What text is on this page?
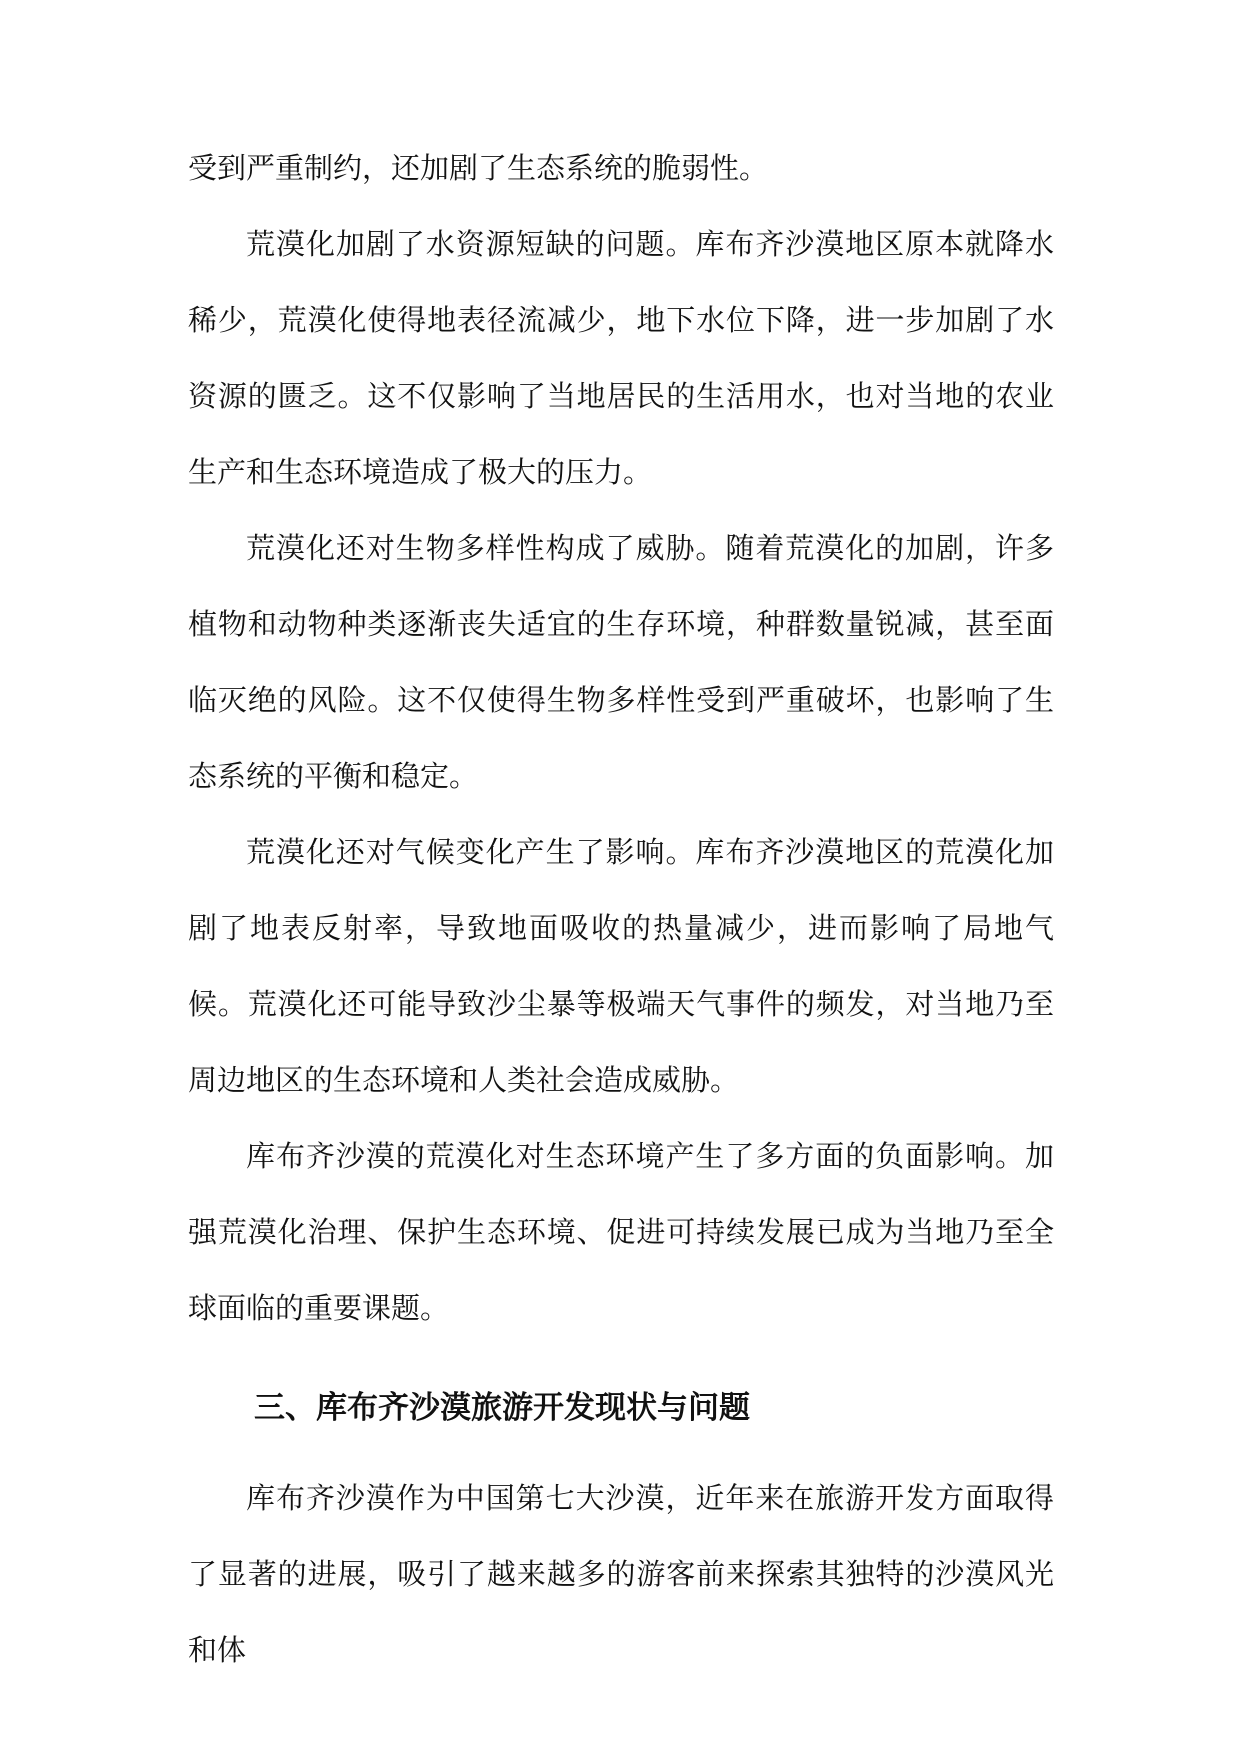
受到严重制约，还加剧了生态系统的脆弱性。

荒漠化加剧了水资源短缺的问题。库布齐沙漠地区原本就降水稀少，荒漠化使得地表径流减少，地下水位下降，进一步加剧了水资源的匮乏。这不仅影响了当地居民的生活用水，也对当地的农业生产和生态环境造成了极大的压力。

荒漠化还对生物多样性构成了威胁。随着荒漠化的加剧，许多植物和动物种类逐渐丧失适宜的生存环境，种群数量锐减，甚至面临灭绝的风险。这不仅使得生物多样性受到严重破坏，也影响了生态系统的平衡和稳定。

荒漠化还对气候变化产生了影响。库布齐沙漠地区的荒漠化加剧了地表反射率，导致地面吸收的热量减少，进而影响了局地气候。荒漠化还可能导致沙尘暴等极端天气事件的频发，对当地乃至周边地区的生态环境和人类社会造成威胁。

库布齐沙漠的荒漠化对生态环境产生了多方面的负面影响。加强荒漠化治理、保护生态环境、促进可持续发展已成为当地乃至全球面临的重要课题。

三、库布齐沙漠旅游开发现状与问题

库布齐沙漠作为中国第七大沙漠，近年来在旅游开发方面取得了显著的进展，吸引了越来越多的游客前来探索其独特的沙漠风光和体
